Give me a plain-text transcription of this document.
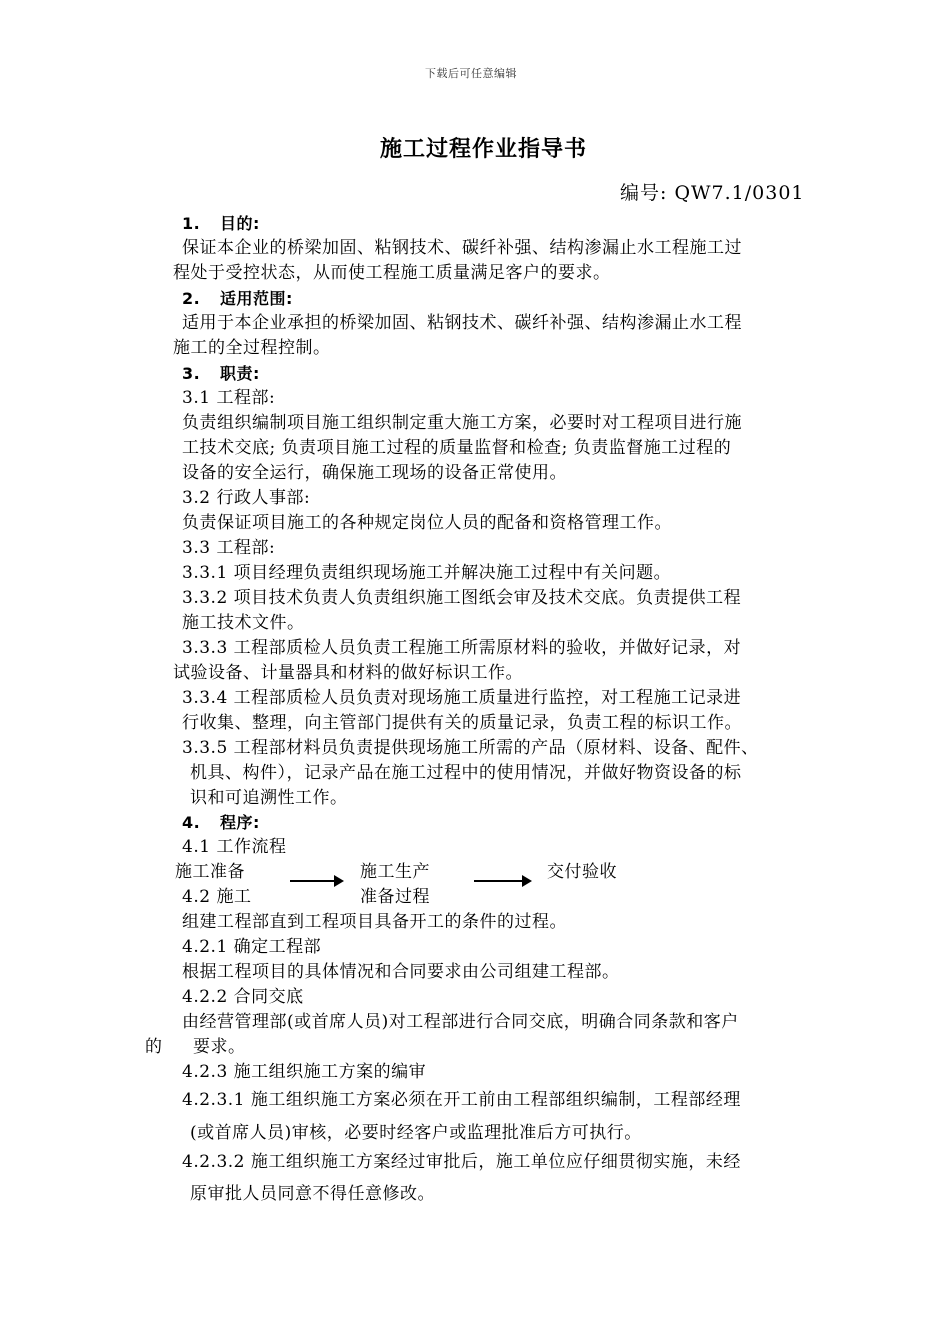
下载后可任意编辑
施工过程作业指导书
编号: QW7.1/0301
1. 目的:
保证本企业的桥梁加固、粘钢技术、碳纤补强、结构渗漏止水工程施工过
程处于受控状态，从而使工程施工质量满足客户的要求。
2. 适用范围:
适用于本企业承担的桥梁加固、粘钢技术、碳纤补强、结构渗漏止水工程
施工的全过程控制。
3. 职责:
3.1 工程部:
负责组织编制项目施工组织制定重大施工方案，必要时对工程项目进行施
工技术交底; 负责项目施工过程的质量监督和检查; 负责监督施工过程的
设备的安全运行，确保施工现场的设备正常使用。
3.2 行政人事部:
负责保证项目施工的各种规定岗位人员的配备和资格管理工作。
3.3 工程部:
3.3.1 项目经理负责组织现场施工并解决施工过程中有关问题。
3.3.2 项目技术负责人负责组织施工图纸会审及技术交底。负责提供工程
施工技术文件。
3.3.3 工程部质检人员负责工程施工所需原材料的验收，并做好记录，对
试验设备、计量器具和材料的做好标识工作。
3.3.4 工程部质检人员负责对现场施工质量进行监控，对工程施工记录进
行收集、整理，向主管部门提供有关的质量记录，负责工程的标识工作。
3.3.5 工程部材料员负责提供现场施工所需的产品（原材料、设备、配件、
机具、构件），记录产品在施工过程中的使用情况，并做好物资设备的标
识和可追溯性工作。
4. 程序:
4.1 工作流程
施工准备	施工生产
准备过程
交付验收
4.2 施工
组建工程部直到工程项目具备开工的条件的过程。
4.2.1 确定工程部
根据工程项目的具体情况和合同要求由公司组建工程部。
4.2.2 合同交底
由经营管理部(或首席人员)对工程部进行合同交底，明确合同条款和客户
的 要求。
4.2.3 施工组织施工方案的编审
4.2.3.1 施工组织施工方案必须在开工前由工程部组织编制，工程部经理
(或首席人员)审核，必要时经客户或监理批准后方可执行。
4.2.3.2 施工组织施工方案经过审批后，施工单位应仔细贯彻实施，未经
原审批人员同意不得任意修改。
